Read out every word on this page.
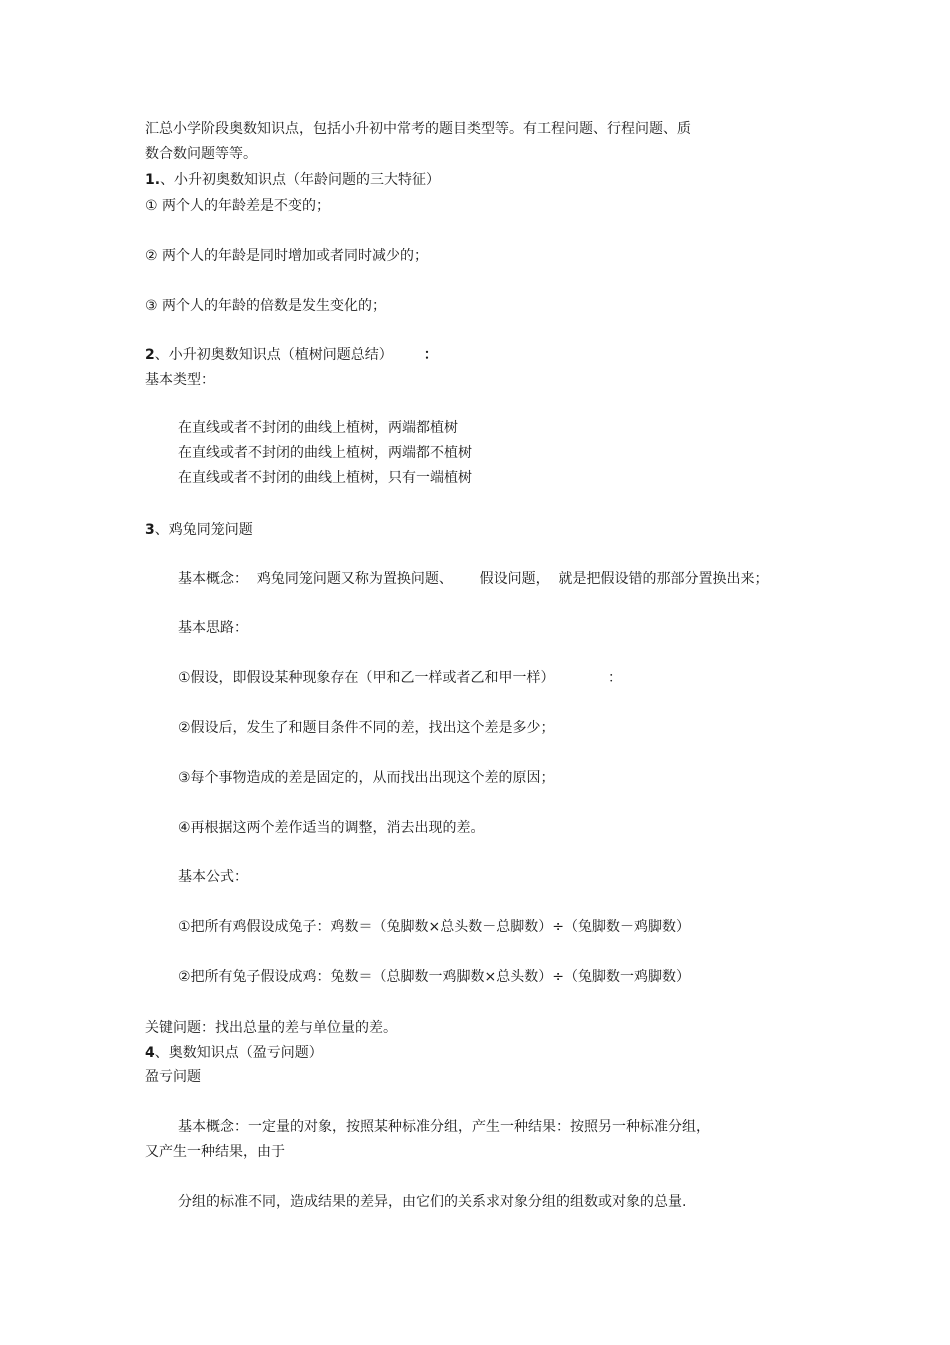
汇总小学阶段奥数知识点，包括小升初中常考的题目类型等。有工程问题、行程问题、质
数合数问题等等。
1.、小升初奥数知识点（年龄问题的三大特征）
① 两个人的年龄差是不变的；
② 两个人的年龄是同时增加或者同时减少的；
③ 两个人的年龄的倍数是发生变化的；
2、小升初奥数知识点（植树问题总结）	：
基本类型：
在直线或者不封闭的曲线上植树，两端都植树
在直线或者不封闭的曲线上植树，两端都不植树
在直线或者不封闭的曲线上植树，只有一端植树
3、鸡兔同笼问题
基本概念：  鸡兔同笼问题又称为置换问题、      假设问题，  就是把假设错的那部分置换出来；
基本思路：
①假设，即假设某种现象存在（甲和乙一样或者乙和甲一样）            ：
②假设后，发生了和题目条件不同的差，找出这个差是多少；
③每个事物造成的差是固定的，从而找出出现这个差的原因；
④再根据这两个差作适当的调整，消去出现的差。
基本公式：
①把所有鸡假设成兔子：鸡数＝（兔脚数×总头数－总脚数）÷（兔脚数－鸡脚数）
②把所有兔子假设成鸡：兔数＝（总脚数一鸡脚数×总头数）÷（兔脚数一鸡脚数）
关键问题：找出总量的差与单位量的差。
4、奥数知识点（盈亏问题）
盈亏问题
基本概念：一定量的对象，按照某种标准分组，产生一种结果：按照另一种标准分组，
又产生一种结果，由于
分组的标准不同，造成结果的差异，由它们的关系求对象分组的组数或对象的总量.
